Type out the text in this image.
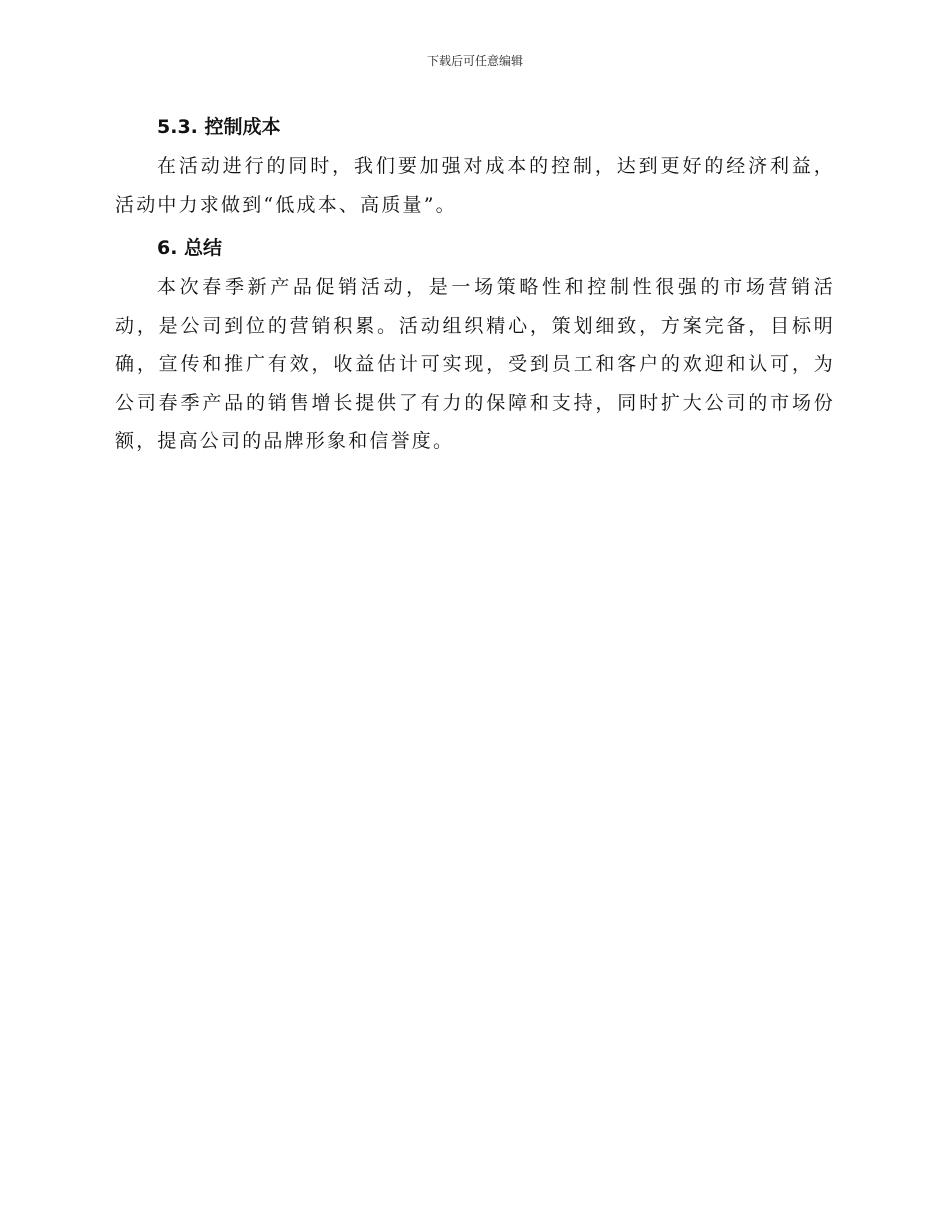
下载后可任意编辑
5.3. 控制成本

在活动进行的同时，我们要加强对成本的控制，达到更好的经济利益，活动中力求做到“低成本、高质量”。

6. 总结

本次春季新产品促销活动，是一场策略性和控制性很强的市场营销活动，是公司到位的营销积累。活动组织精心，策划细致，方案完备，目标明确，宣传和推广有效，收益估计可实现，受到员工和客户的欢迎和认可，为公司春季产品的销售增长提供了有力的保障和支持，同时扩大公司的市场份额，提高公司的品牌形象和信誉度。
